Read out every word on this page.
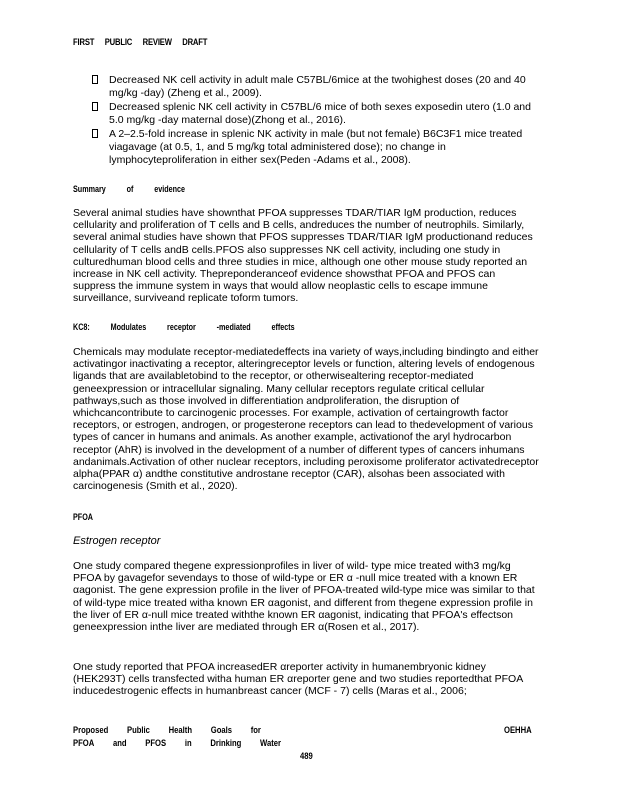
FIRST PUBLIC REVIEW DRAFT
Decreased NK cell activity in adult male C57BL/6mice at the twohighest doses (20 and 40 mg/kg -day) (Zheng et al., 2009).
Decreased splenic NK cell activity in C57BL/6 mice of both sexes exposedin utero (1.0 and 5.0 mg/kg -day maternal dose)(Zhong et al., 2016).
A 2–2.5-fold increase in splenic NK activity in male (but not female) B6C3F1 mice treated viagavage (at 0.5, 1, and 5 mg/kg total administered dose); no change in lymphocyteproliferation in either sex(Peden -Adams et al., 2008).
Summary of evidence

Several animal studies have shownthat PFOA suppresses TDAR/TIAR IgM production, reduces cellularity and proliferation of T cells and B cells, andreduces the number of neutrophils. Similarly, several animal studies have shown that PFOS suppresses TDAR/TIAR IgM productionand reduces cellularity of T cells andB cells.PFOS also suppresses NK cell activity, including one study in culturedhuman blood cells and three studies in mice, although one other mouse study reported an increase in NK cell activity. Thepreponderanceof evidence showsthat PFOA and PFOS can suppress the immune system in ways that would allow neoplastic cells to escape immune surveillance, surviveand replicate toform tumors.

KC8: Modulates receptor -mediated effects

Chemicals may modulate receptor-mediatedeffects ina variety of ways,including bindingto and either activatingor inactivating a receptor, alteringreceptor levels or function, altering levels of endogenous ligands that are availabletobind to the receptor, or otherwisealtering receptor-mediated geneexpression or intracellular signaling. Many cellular receptors regulate critical cellular pathways,such as those involved in differentiation andproliferation, the disruption of whichcancontribute to carcinogenic processes. For example, activation of certaingrowth factor receptors, or estrogen, androgen, or progesterone receptors can lead to thedevelopment of various types of cancer in humans and animals. As another example, activationof the aryl hydrocarbon receptor (AhR) is involved in the development of a number of different types of cancers inhumans andanimals.Activation of other nuclear receptors, including peroxisome proliferator activatedreceptor alpha(PPAR α) andthe constitutive androstane receptor (CAR), alsohas been associated with carcinogenesis (Smith et al., 2020).

PFOA
Estrogen receptor

One study compared thegene expressionprofiles in liver of wild- type mice treated with3 mg/kg PFOA by gavagefor sevendays to those of wild-type or ER α -null mice treated with a known ER αagonist. The gene expression profile in the liver of PFOA-treated wild-type mice was similar to that of wild-type mice treated witha known ER αagonist, and different from thegene expression profile in the liver of ER α-null mice treated withthe known ER αagonist, indicating that PFOA's effectson geneexpression inthe liver are mediated through ER α(Rosen et al., 2017).

One study reported that PFOA increasedER αreporter activity in humanembryonic kidney (HEK293T) cells transfected witha human ER αreporter gene and two studies reportedthat PFOA inducedestrogenic effects in humanbreast cancer (MCF - 7) cells (Maras et al., 2006;

Proposed Public Health Goals for
PFOA and PFOS in Drinking Water
OEHHA
489
